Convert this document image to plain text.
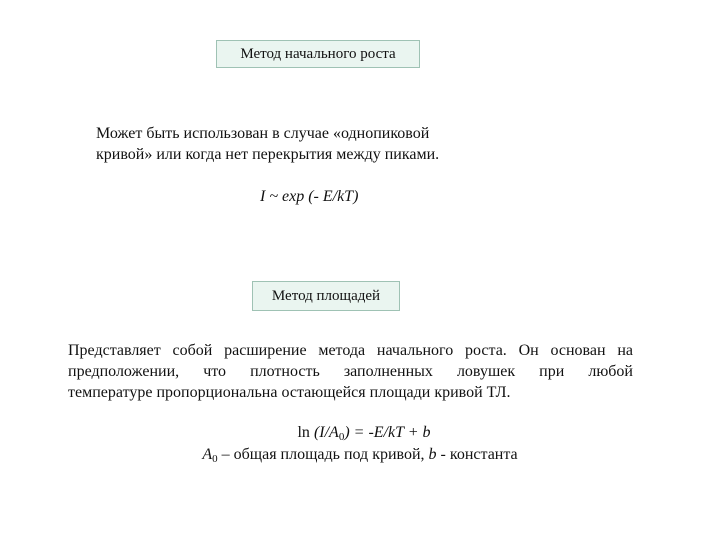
Метод начального роста
Может быть использован в случае «однопиковой
кривой» или когда нет перекрытия между пиками.
I ~ exp (- E/kT)
Метод площадей
Представляет собой расширение метода начального роста. Он основан на
предположении, что плотность заполненных ловушек при любой
температуре пропорциональна остающейся площади кривой ТЛ.
$\ln (I/A_0) = -E/kT + b$
$A_0$ – общая площадь под кривой, b - константа
